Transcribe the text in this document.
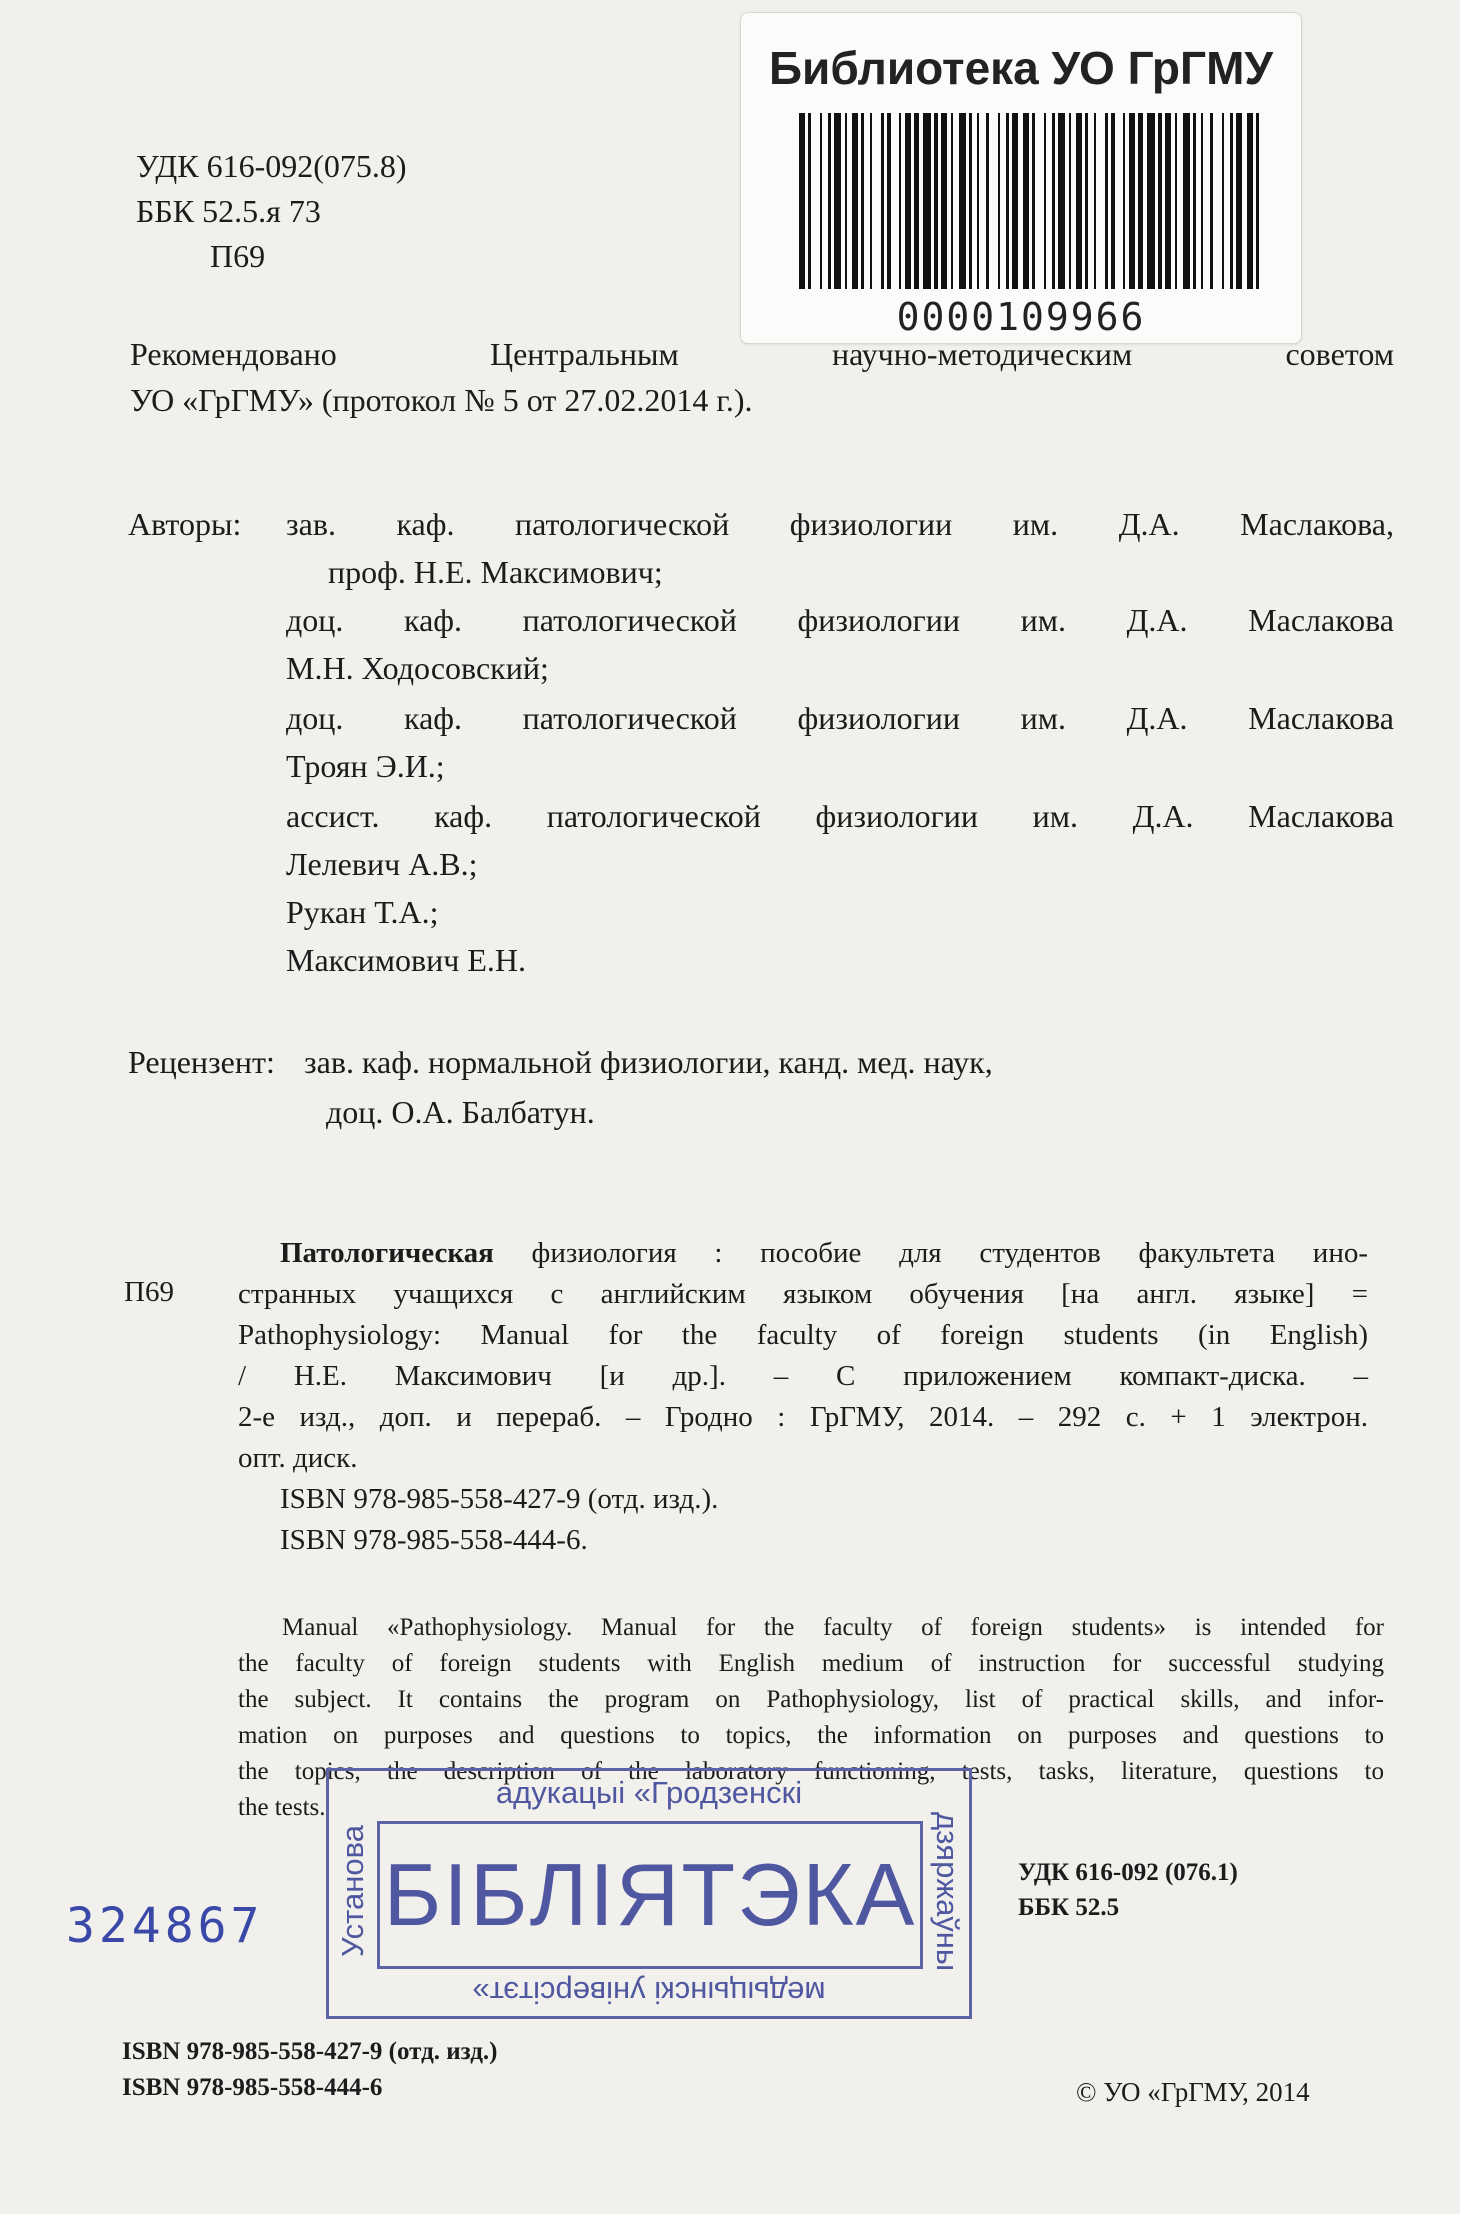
Библиотека УО ГрГМУ
0000109966
УДК 616-092(075.8)
ББК 52.5.я 73
П69
Рекомендовано	Центральным	научно-методическим	советом
УО «ГрГМУ» (протокол № 5 от 27.02.2014 г.).
Авторы: зав. каф. патологической физиологии им. Д.А. Маслакова,
проф. Н.Е. Максимович;
доц. каф. патологической физиологии им. Д.А. Маслакова
М.Н. Ходосовский;
доц. каф. патологической физиологии им. Д.А. Маслакова
Троян Э.И.;
ассист. каф. патологической физиологии им. Д.А. Маслакова
Лелевич А.В.;
Рукан Т.А.;
Максимович Е.Н.
Рецензент: зав. каф. нормальной физиологии, канд. мед. наук,
доц. О.А. Балбатун.
П69
Патологическая физиология : пособие для студентов факультета ино-
странных учащихся с английским языком обучения [на англ. языке] =
Pathophysiology: Manual for the faculty of foreign students (in English)
/ Н.Е. Максимович [и др.]. – С приложением компакт-диска. –
2-е изд., доп. и перераб. – Гродно : ГрГМУ, 2014. – 292 с. + 1 электрон.
опт. диск.
ISBN 978-985-558-427-9 (отд. изд.).
ISBN 978-985-558-444-6.
Manual «Pathophysiology. Manual for the faculty of foreign students» is intended for
the faculty of foreign students with English medium of instruction for successful studying
the subject. It contains the program on Pathophysiology, list of practical skills, and infor-
mation on purposes and questions to topics, the information on purposes and questions to
the topics, the description of the laboratory functioning, tests, tasks, literature, questions to
the tests.	адукацыі «Гродзенскі
БІБЛІЯТЭКА
медыцынскі універсітэт»
Установа	дзяржаўны
324867
УДК 616-092 (076.1)
ББК 52.5
ISBN 978-985-558-427-9 (отд. изд.)
ISBN 978-985-558-444-6	© УО «ГрГМУ, 2014
